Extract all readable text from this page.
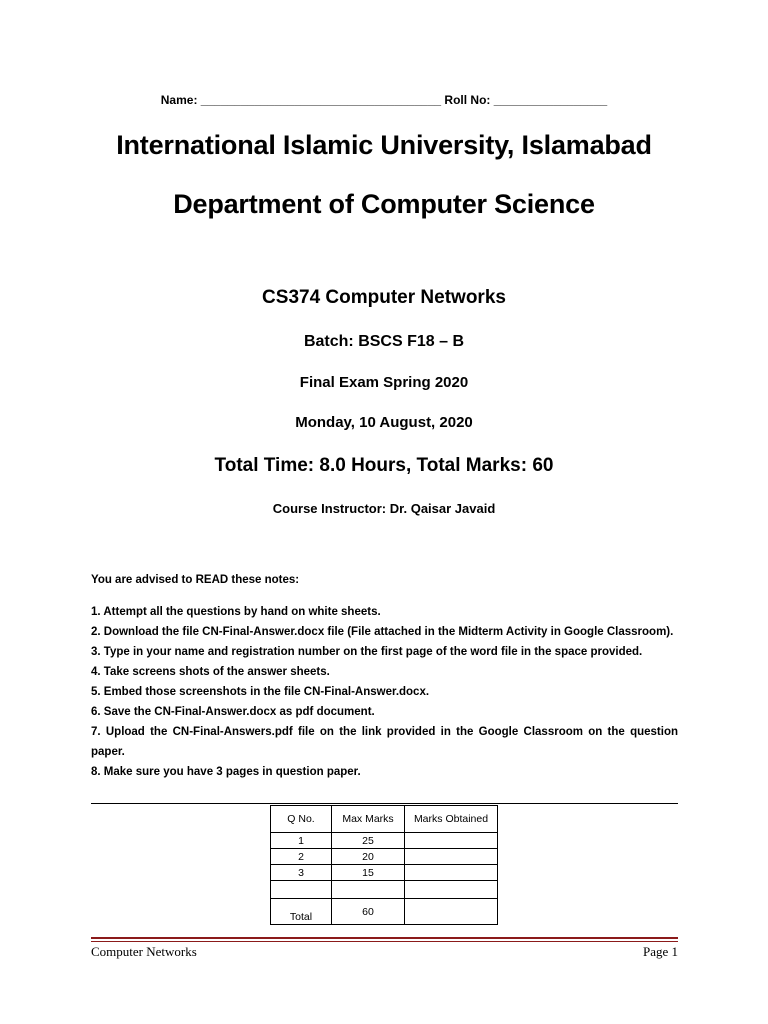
Name: ____________________________________ Roll No: _________________
International Islamic University, Islamabad
Department of Computer Science
CS374 Computer Networks
Batch: BSCS F18 – B
Final Exam Spring 2020
Monday, 10 August, 2020
Total Time: 8.0 Hours, Total Marks: 60
Course Instructor: Dr. Qaisar Javaid
You are advised to READ these notes:
1. Attempt all the questions by hand on white sheets.
2. Download the file CN-Final-Answer.docx file (File attached in the Midterm Activity in Google Classroom).
3. Type in your name and registration number on the first page of the word file in the space provided.
4. Take screens shots of the answer sheets.
5. Embed those screenshots in the file CN-Final-Answer.docx.
6. Save the CN-Final-Answer.docx as pdf document.
7. Upload the CN-Final-Answers.pdf file on the link provided in the Google Classroom on the question paper.
8. Make sure you have 3 pages in question paper.
Q No.	Max Marks	Marks Obtained
1	25	
2	20	
3	15	

Total	60	
Computer Networks	Page 1
